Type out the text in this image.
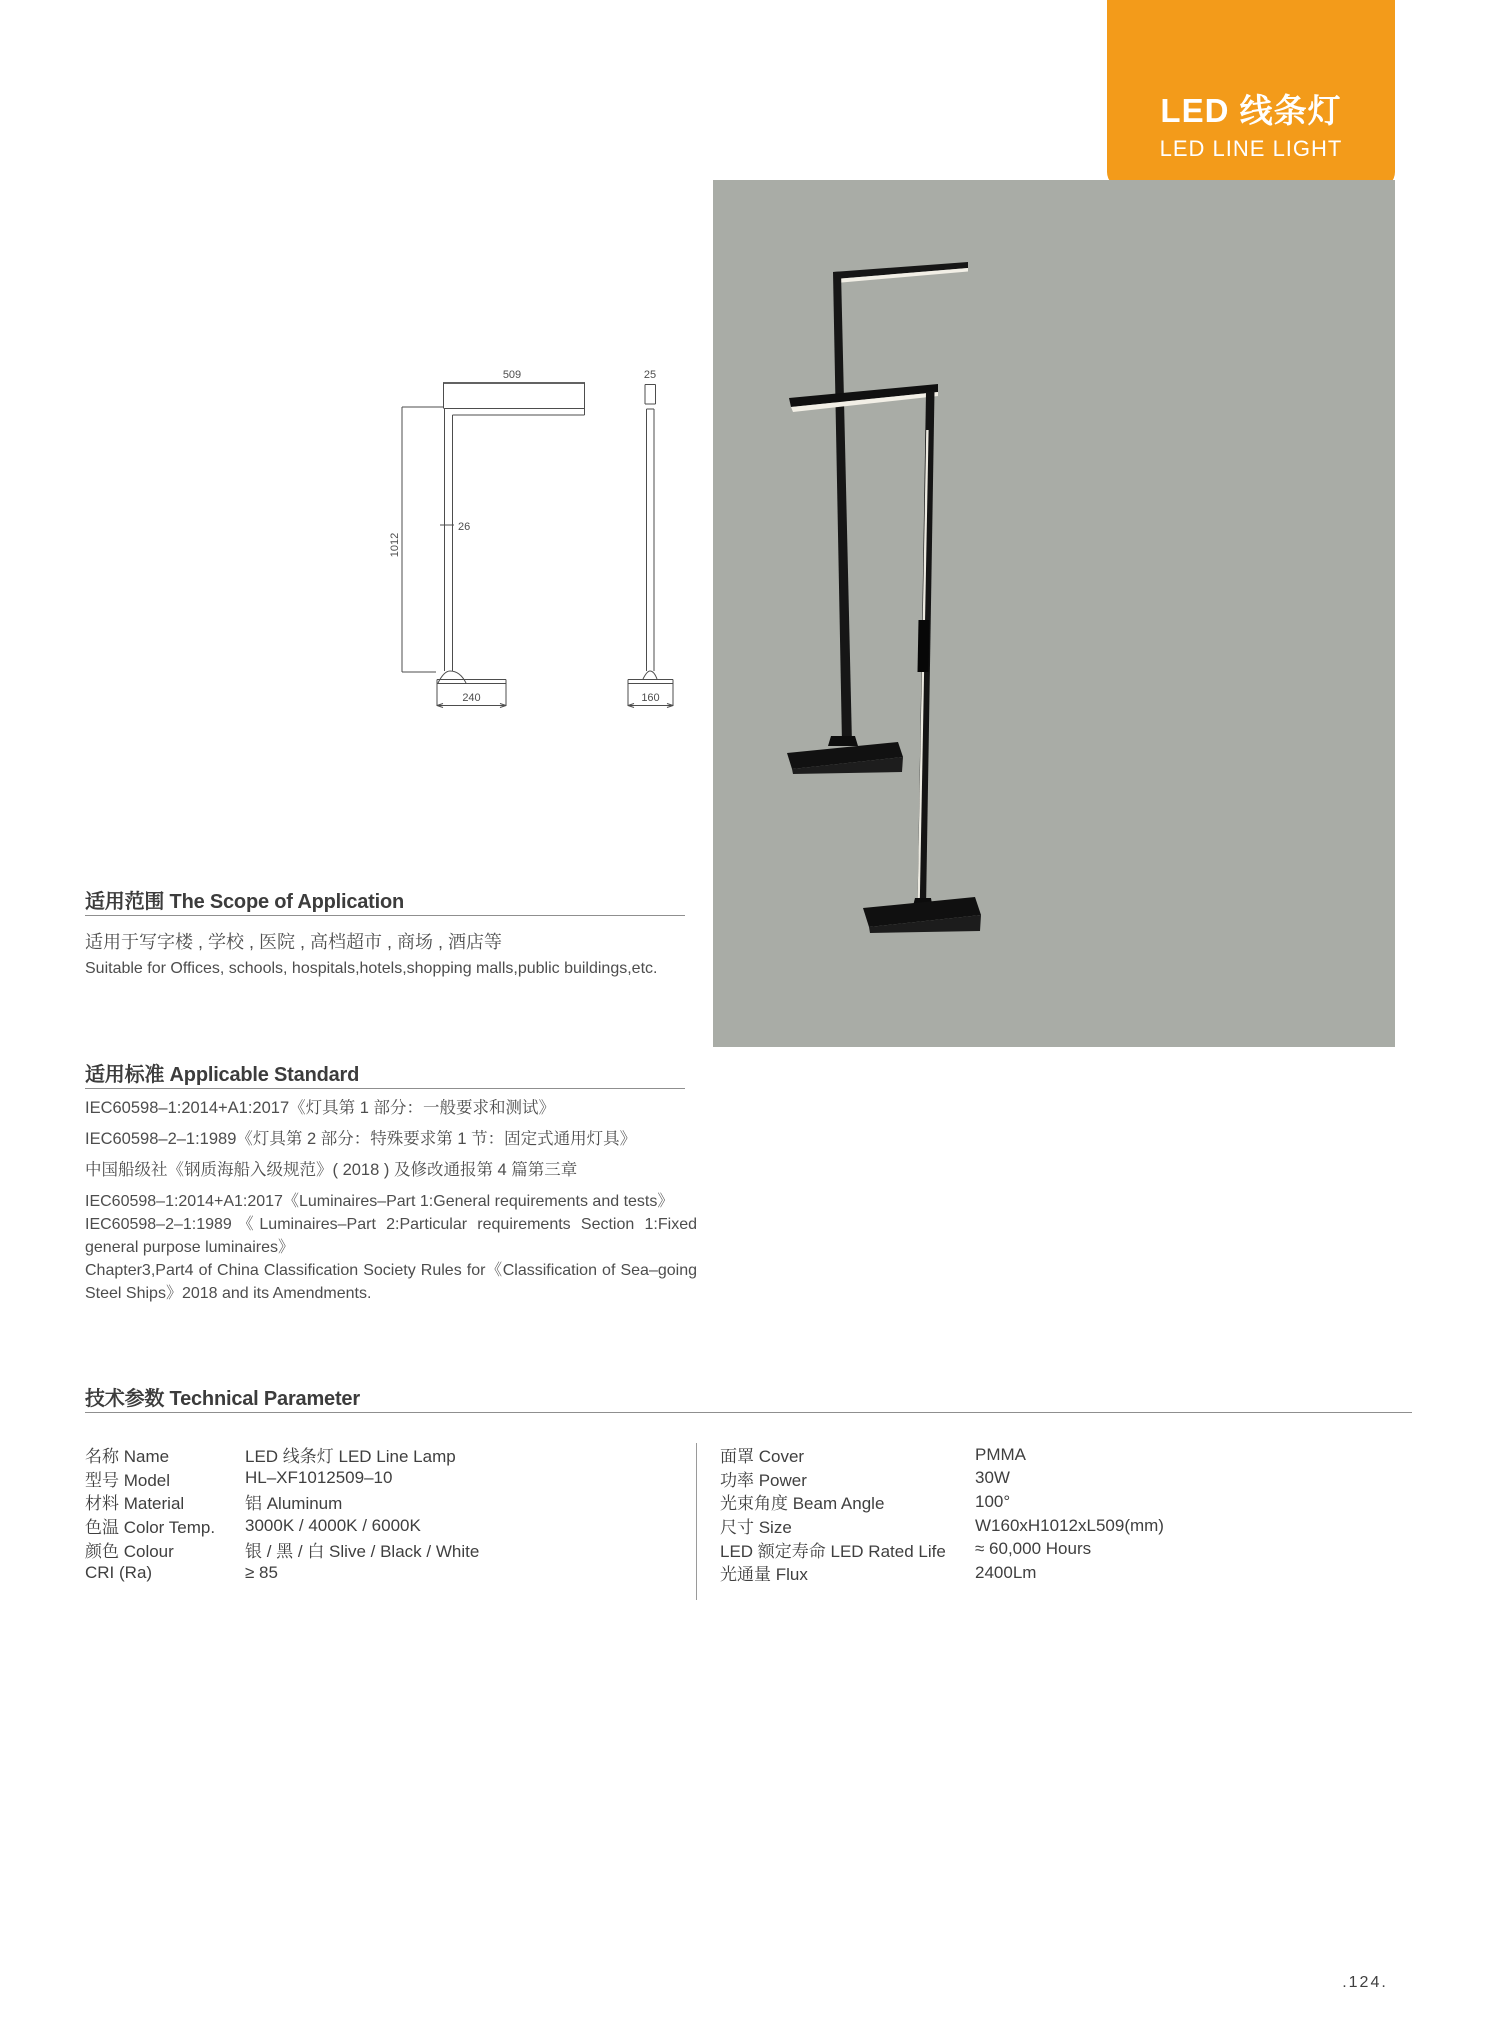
LED 线条灯
LED LINE LIGHT
509	25
26
1012
240	160
适用范围 The Scope of Application
适用于写字楼 , 学校 , 医院 , 高档超市 , 商场 , 酒店等
Suitable for Offices, schools, hospitals,hotels,shopping malls,public buildings,etc.
适用标准 Applicable Standard
IEC60598–1:2014+A1:2017《灯具第 1 部分：一般要求和测试》
IEC60598–2–1:1989《灯具第 2 部分：特殊要求第 1 节：固定式通用灯具》
中国船级社《钢质海船入级规范》( 2018 ) 及修改通报第 4 篇第三章
IEC60598–1:2014+A1:2017《Luminaires–Part 1:General requirements and tests》
IEC60598–2–1:1989《Luminaires–Part 2:Particular requirements Section 1:Fixed general purpose luminaires》
Chapter3,Part4 of China Classification Society Rules for《Classification of Sea–going Steel Ships》2018 and its Amendments.
技术参数 Technical Parameter
名称 Name	LED 线条灯 LED Line Lamp
型号 Model	HL–XF1012509–10
材料 Material	铝 Aluminum
色温 Color Temp.	3000K / 4000K / 6000K
颜色 Colour	银 / 黑 / 白 Slive / Black / White
CRI (Ra)	≥ 85
面罩 Cover	PMMA
功率 Power	30W
光束角度 Beam Angle	100°
尺寸 Size	W160xH1012xL509(mm)
LED 额定寿命 LED Rated Life	≈ 60,000 Hours
光通量 Flux	2400Lm
.124.
